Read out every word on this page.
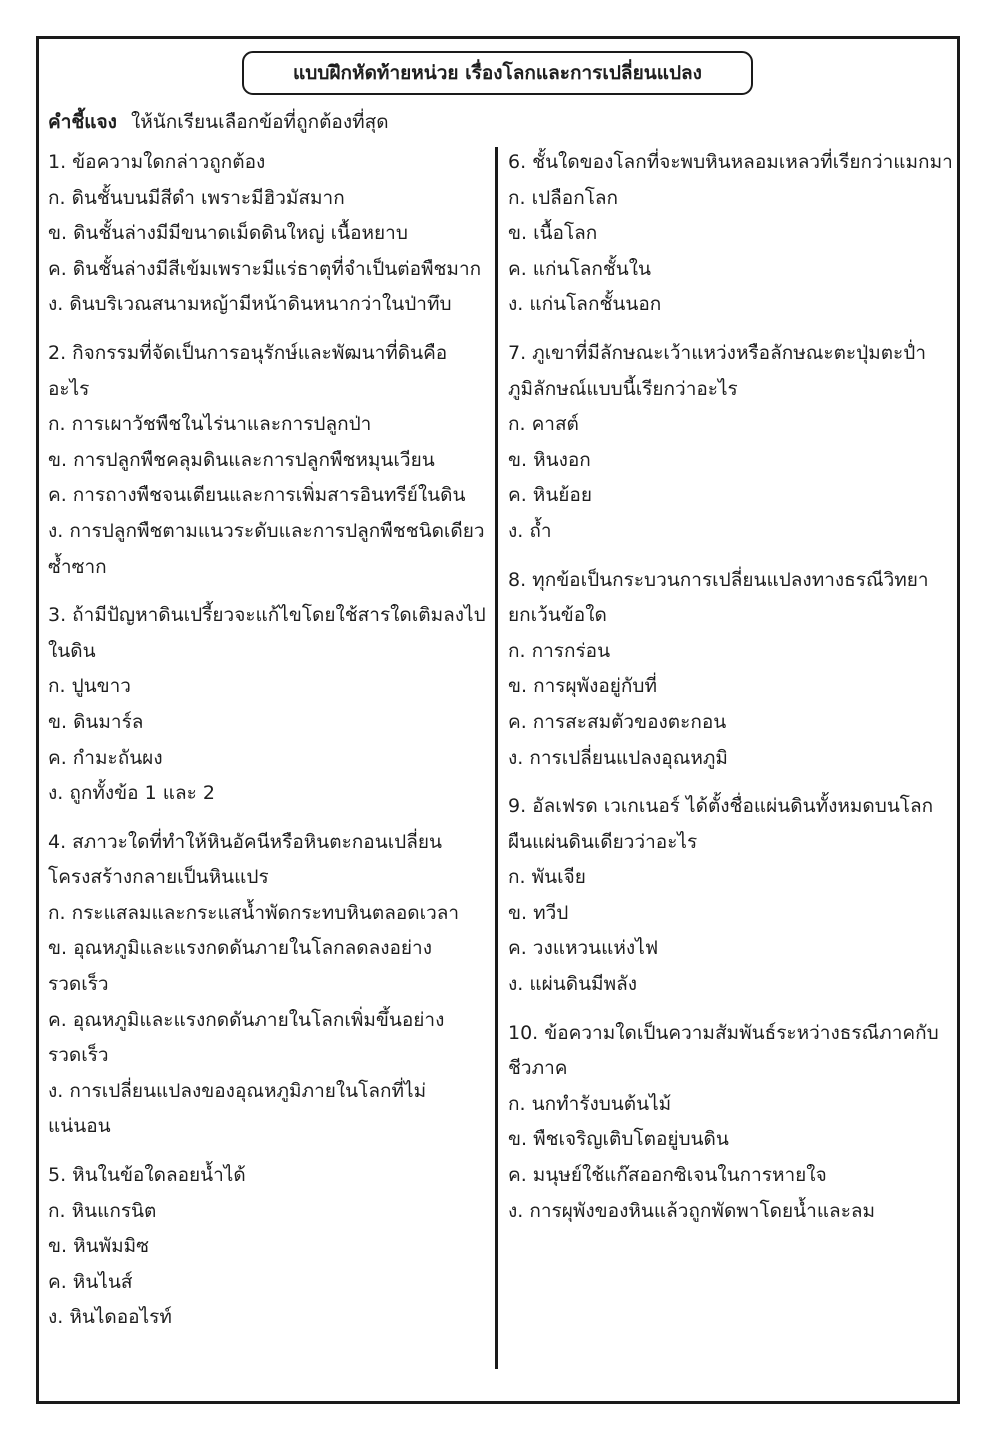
แบบฝึกหัดท้ายหน่วย เรื่องโลกและการเปลี่ยนแปลง
คำชี้แจง ให้นักเรียนเลือกข้อที่ถูกต้องที่สุด
1. ข้อความใดกล่าวถูกต้อง
ก. ดินชั้นบนมีสีดำ เพราะมีฮิวมัสมาก
ข. ดินชั้นล่างมีมีขนาดเม็ดดินใหญ่ เนื้อหยาบ
ค. ดินชั้นล่างมีสีเข้มเพราะมีแร่ธาตุที่จำเป็นต่อพืชมาก
ง. ดินบริเวณสนามหญ้ามีหน้าดินหนากว่าในป่าทึบ
2. กิจกรรมที่จัดเป็นการอนุรักษ์และพัฒนาที่ดินคือ
อะไร
ก. การเผาวัชพืชในไร่นาและการปลูกป่า
ข. การปลูกพืชคลุมดินและการปลูกพืชหมุนเวียน
ค. การถางพืชจนเตียนและการเพิ่มสารอินทรีย์ในดิน
ง. การปลูกพืชตามแนวระดับและการปลูกพืชชนิดเดียว
ซ้ำซาก
3. ถ้ามีปัญหาดินเปรี้ยวจะแก้ไขโดยใช้สารใดเติมลงไป
ในดิน
ก. ปูนขาว
ข. ดินมาร์ล
ค. กำมะถันผง
ง. ถูกทั้งข้อ 1 และ 2
4. สภาวะใดที่ทำให้หินอัคนีหรือหินตะกอนเปลี่ยน
โครงสร้างกลายเป็นหินแปร
ก. กระแสลมและกระแสน้ำพัดกระทบหินตลอดเวลา
ข. อุณหภูมิและแรงกดดันภายในโลกลดลงอย่าง
รวดเร็ว
ค. อุณหภูมิและแรงกดดันภายในโลกเพิ่มขึ้นอย่าง
รวดเร็ว
ง. การเปลี่ยนแปลงของอุณหภูมิภายในโลกที่ไม่
แน่นอน
5. หินในข้อใดลอยน้ำได้
ก. หินแกรนิต
ข. หินพัมมิซ
ค. หินไนส์
ง. หินไดออไรท์
6. ชั้นใดของโลกที่จะพบหินหลอมเหลวที่เรียกว่าแมกมา
ก. เปลือกโลก
ข. เนื้อโลก
ค. แก่นโลกชั้นใน
ง. แก่นโลกชั้นนอก
7. ภูเขาที่มีลักษณะเว้าแหว่งหรือลักษณะตะปุ่มตะป่ำ
ภูมิลักษณ์แบบนี้เรียกว่าอะไร
ก. คาสต์
ข. หินงอก
ค. หินย้อย
ง. ถ้ำ
8. ทุกข้อเป็นกระบวนการเปลี่ยนแปลงทางธรณีวิทยา
ยกเว้นข้อใด
ก. การกร่อน
ข. การผุพังอยู่กับที่
ค. การสะสมตัวของตะกอน
ง. การเปลี่ยนแปลงอุณหภูมิ
9. อัลเฟรด เวเกเนอร์ ได้ตั้งชื่อแผ่นดินทั้งหมดบนโลก
ผืนแผ่นดินเดียวว่าอะไร
ก. พันเจีย
ข. ทวีป
ค. วงแหวนแห่งไฟ
ง. แผ่นดินมีพลัง
10. ข้อความใดเป็นความสัมพันธ์ระหว่างธรณีภาคกับ
ชีวภาค
ก. นกทำรังบนต้นไม้
ข. พืชเจริญเติบโตอยู่บนดิน
ค. มนุษย์ใช้แก๊สออกซิเจนในการหายใจ
ง. การผุพังของหินแล้วถูกพัดพาโดยน้ำและลม
